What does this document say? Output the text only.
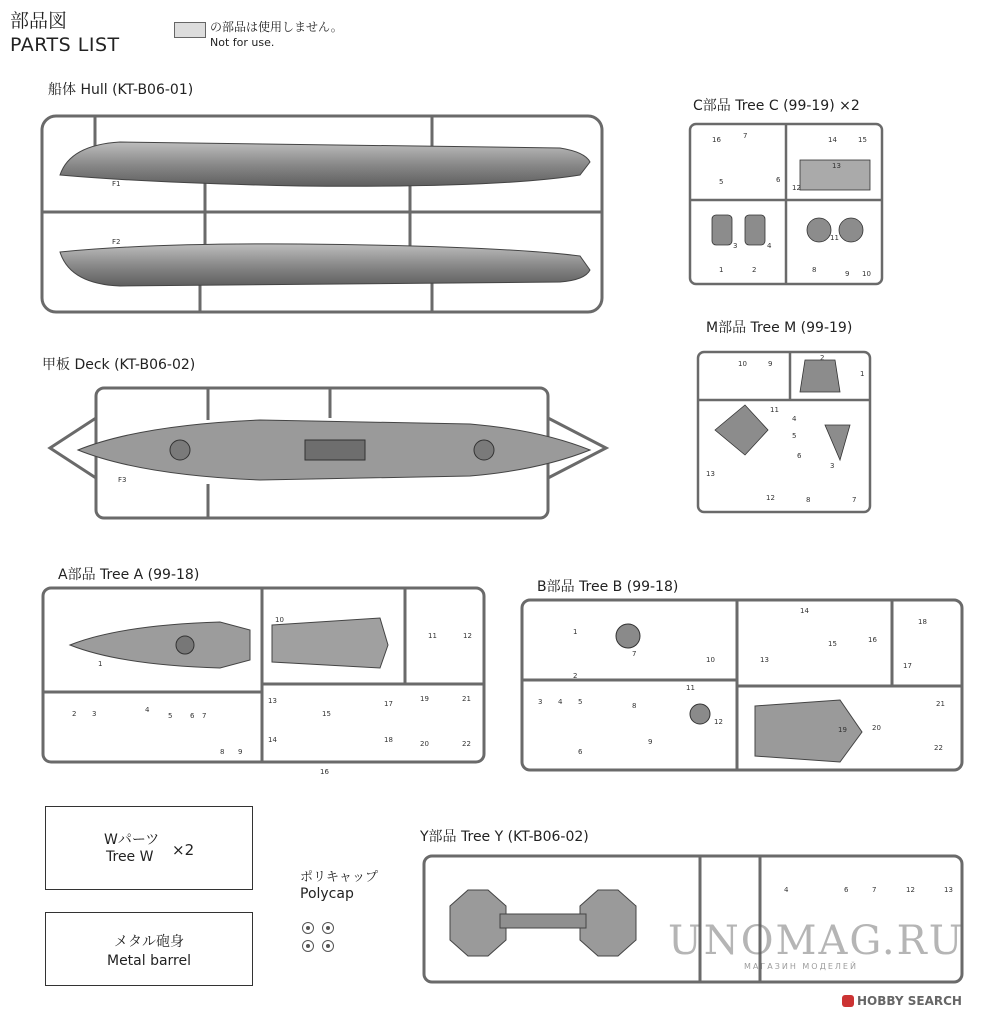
部品図
PARTS LIST
の部品は使用しません。
Not for use.
船体 Hull (KT-B06-01)
甲板 Deck (KT-B06-02)
A部品 Tree A (99-18)
B部品 Tree B (99-18)
C部品 Tree C (99-19) ×2
M部品 Tree M (99-19)
Y部品 Tree Y (KT-B06-02)
F1
F2
F3
1
2 3	4
5	6 7
8 9
10
11	12
13
14
15
16
17
18
19
20
21
22
1
2
3 4 5
6
7
8
9
10
11
12
13
14
15	16
17
18
19	20
21
22
1	2
3	4
5	6
7
8	9 10
11
12
13
14	15
16
1
2
3
4
5
6
7
8
9
10
11
12
13
4	6	7	12	13
Wパーツ
Tree W ×2
メタル砲身
Metal barrel
ポリキャップ
Polycap
UNOMAG.RU
МАГАЗИН МОДЕЛЕЙ
HOBBY SEARCH
